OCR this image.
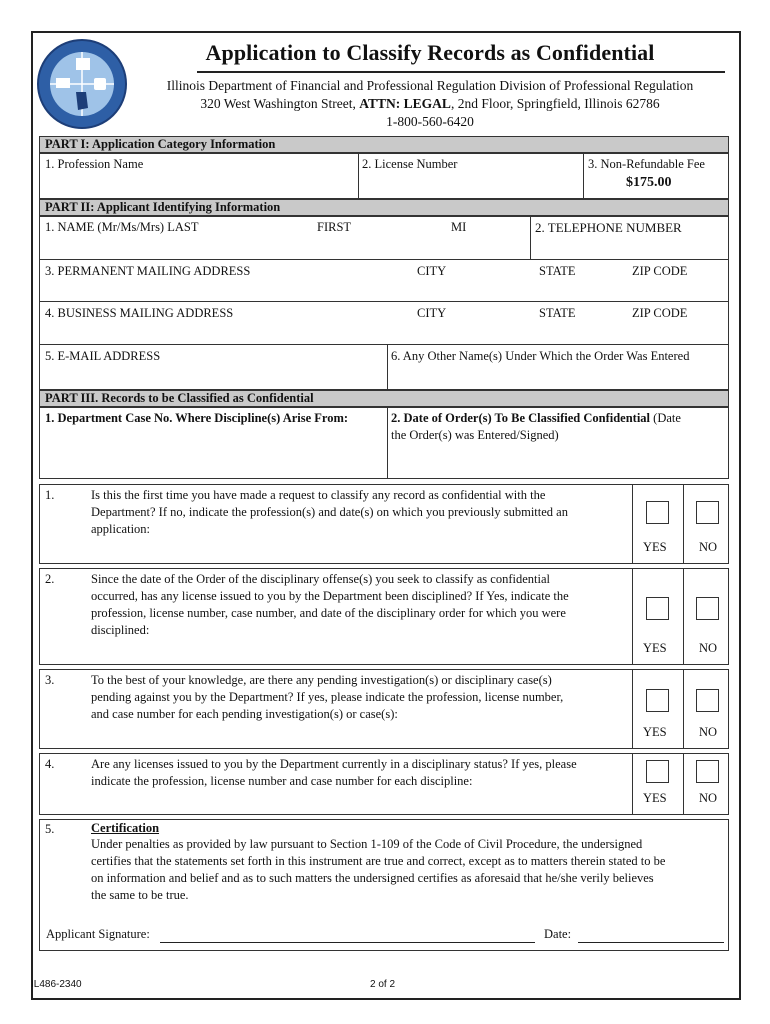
Application to Classify Records as Confidential
Illinois Department of Financial and Professional Regulation Division of Professional Regulation
320 West Washington Street, ATTN: LEGAL, 2nd Floor, Springfield, Illinois 62786
1-800-560-6420
PART I: Application Category Information
1. Profession Name	2. License Number	3. Non-Refundable Fee
$175.00
PART II: Applicant Identifying Information
1. NAME (Mr/Ms/Mrs) LAST	FIRST	MI	2. TELEPHONE NUMBER
3. PERMANENT MAILING ADDRESS	CITY	STATE	ZIP CODE
4. BUSINESS MAILING ADDRESS	CITY	STATE	ZIP CODE
5. E-MAIL ADDRESS	6. Any Other Name(s) Under Which the Order Was Entered
PART III. Records to be Classified as Confidential
1. Department Case No. Where Discipline(s) Arise From:	2. Date of Order(s) To Be Classified Confidential (Date
the Order(s) was Entered/Signed)
1.	Is this the first time you have made a request to classify any record as confidential with the
Department? If no, indicate the profession(s) and date(s) on which you previously submitted an
application:
YES	NO
2.	Since the date of the Order of the disciplinary offense(s) you seek to classify as confidential
occurred, has any license issued to you by the Department been disciplined? If Yes, indicate the
profession, license number, case number, and date of the disciplinary order for which you were
disciplined:
YES	NO
3.	To the best of your knowledge, are there any pending investigation(s) or disciplinary case(s)
pending against you by the Department? If yes, please indicate the profession, license number,
and case number for each pending investigation(s) or case(s):
YES	NO
4.	Are any licenses issued to you by the Department currently in a disciplinary status? If yes, please
indicate the profession, license number and case number for each discipline:
YES	NO
5.	Certification
Under penalties as provided by law pursuant to Section 1-109 of the Code of Civil Procedure, the undersigned
certifies that the statements set forth in this instrument are true and correct, except as to matters therein stated to be
on information and belief and as to such matters the undersigned certifies as aforesaid that he/she verily believes
the same to be true.
Applicant Signature:	Date:
IL486-2340	2 of 2
